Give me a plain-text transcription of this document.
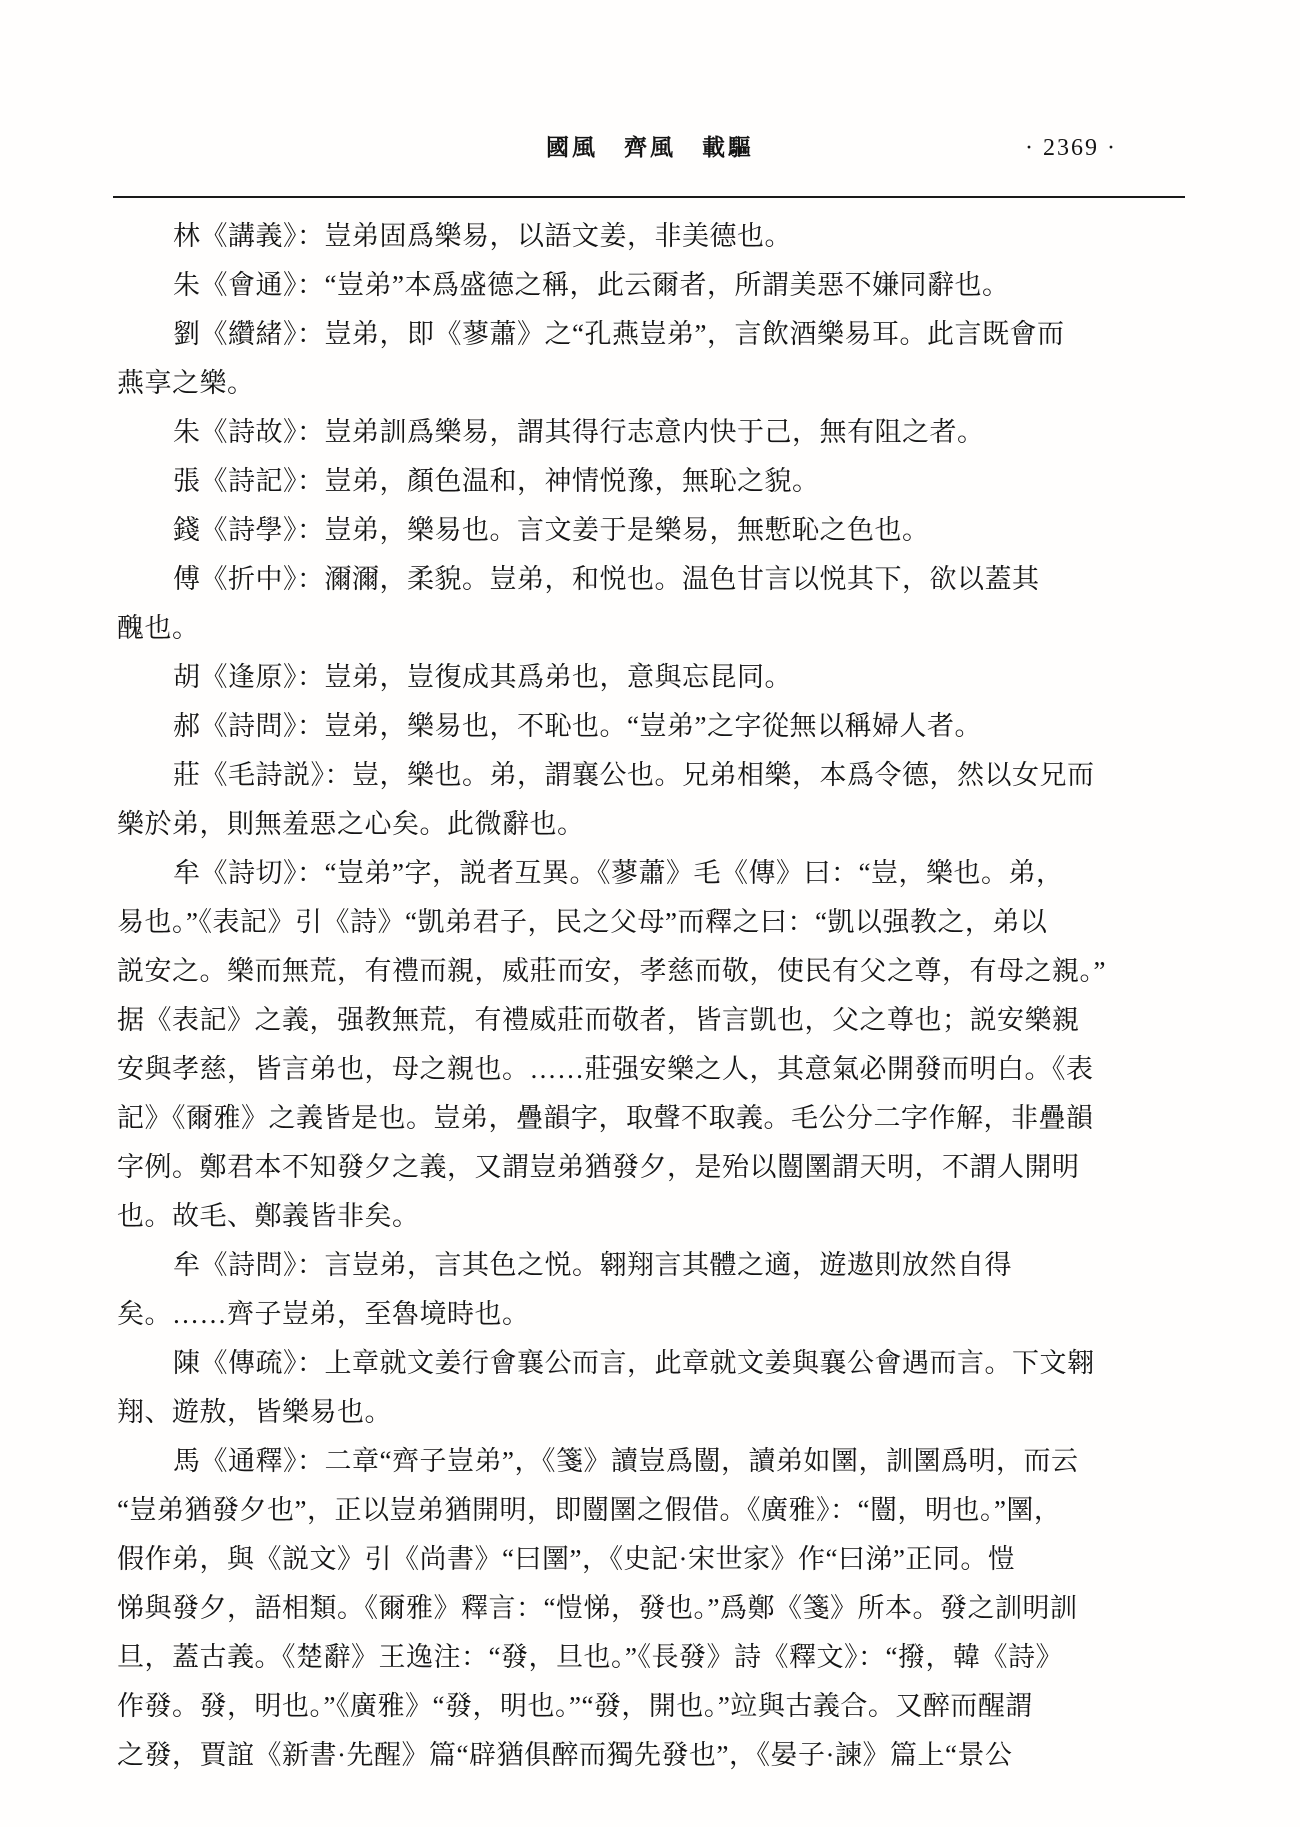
國風　齊風　載驅	· 2369 ·
林《講義》：豈弟固爲樂易，以語文姜，非美德也。
朱《會通》：“豈弟”本爲盛德之稱，此云爾者，所謂美惡不嫌同辭也。
劉《纘緒》：豈弟，即《蓼蕭》之“孔燕豈弟”，言飲酒樂易耳。此言既會而
燕享之樂。
朱《詩故》：豈弟訓爲樂易，謂其得行志意内快于己，無有阻之者。
張《詩記》：豈弟，顏色温和，神情悦豫，無恥之貌。
錢《詩學》：豈弟，樂易也。言文姜于是樂易，無慙恥之色也。
傅《折中》：濔濔，柔貌。豈弟，和悦也。温色甘言以悦其下，欲以蓋其
醜也。
胡《逢原》：豈弟，豈復成其爲弟也，意與忘昆同。
郝《詩問》：豈弟，樂易也，不恥也。“豈弟”之字從無以稱婦人者。
莊《毛詩説》：豈，樂也。弟，謂襄公也。兄弟相樂，本爲令德，然以女兄而
樂於弟，則無羞惡之心矣。此微辭也。
牟《詩切》：“豈弟”字，説者互異。《蓼蕭》毛《傳》曰：“豈，樂也。弟，
易也。”《表記》引《詩》“凱弟君子，民之父母”而釋之曰：“凱以强教之，弟以
説安之。樂而無荒，有禮而親，威莊而安，孝慈而敬，使民有父之尊，有母之親。”
据《表記》之義，强教無荒，有禮威莊而敬者，皆言凱也，父之尊也；説安樂親
安與孝慈，皆言弟也，母之親也。……莊强安樂之人，其意氣必開發而明白。《表
記》《爾雅》之義皆是也。豈弟，疊韻字，取聲不取義。毛公分二字作解，非疊韻
字例。鄭君本不知發夕之義，又謂豈弟猶發夕，是殆以闓圛謂天明，不謂人開明
也。故毛、鄭義皆非矣。
牟《詩問》：言豈弟，言其色之悦。翱翔言其體之適，遊遨則放然自得
矣。……齊子豈弟，至魯境時也。
陳《傳疏》：上章就文姜行會襄公而言，此章就文姜與襄公會遇而言。下文翱
翔、遊敖，皆樂易也。
馬《通釋》：二章“齊子豈弟”，《箋》讀豈爲闓，讀弟如圛，訓圛爲明，而云
“豈弟猶發夕也”，正以豈弟猶開明，即闓圛之假借。《廣雅》：“闓，明也。”圛，
假作弟，與《説文》引《尚書》“曰圛”，《史記·宋世家》作“曰涕”正同。愷
悌與發夕，語相類。《爾雅》釋言：“愷悌，發也。”爲鄭《箋》所本。發之訓明訓
旦，蓋古義。《楚辭》王逸注：“發，旦也。”《長發》詩《釋文》：“撥，韓《詩》
作發。發，明也。”《廣雅》“發，明也。”“發，開也。”竝與古義合。又醉而醒謂
之發，賈誼《新書·先醒》篇“辟猶俱醉而獨先發也”，《晏子·諫》篇上“景公
